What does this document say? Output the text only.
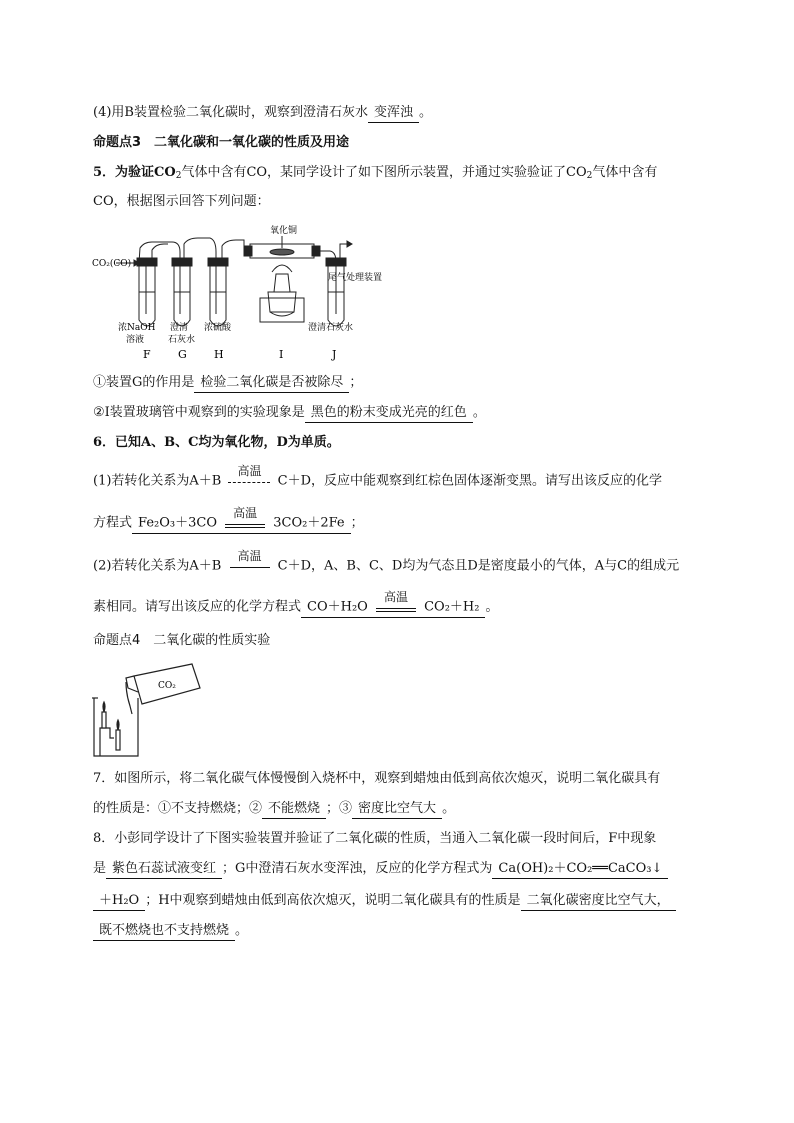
(4)用B装置检验二氧化碳时，观察到澄清石灰水 变浑浊 。
命题点3　二氧化碳和一氧化碳的性质及用途
5．为验证$CO_2$气体中含有CO，某同学设计了如下图所示装置，并通过实验验证了$CO_2$气体中含有
CO，根据图示回答下列问题：
CO₂(CO)
氧化铜
尾气处理装置
浓NaOH
溶液
澄清
石灰水
浓硫酸	澄清石灰水
F G H	I	J
①装置G的作用是 检验二氧化碳是否被除尽 ；
②I装置玻璃管中观察到的实验现象是 黑色的粉末变成光亮的红色 。
6．已知A、B、C均为氧化物，D为单质。
(1)若转化关系为A＋B
高温
C＋D，反应中能观察到红棕色固体逐渐变黑。请写出该反应的化学
方程式 Fe₂O₃＋3CO
高温
3CO₂＋2Fe ；
(2)若转化关系为A＋B
高温
C＋D，A、B、C、D均为气态且D是密度最小的气体，A与C的组成元
素相同。请写出该反应的化学方程式 CO＋H₂O
高温
CO₂＋H₂ 。
命题点4　二氧化碳的性质实验
CO₂
7．如图所示，将二氧化碳气体慢慢倒入烧杯中，观察到蜡烛由低到高依次熄灭，说明二氧化碳具有
的性质是：①不支持燃烧；② 不能燃烧 ；③ 密度比空气大 。
8．小彭同学设计了下图实验装置并验证了二氧化碳的性质，当通入二氧化碳一段时间后，F中现象
是 紫色石蕊试液变红 ；G中澄清石灰水变浑浊，反应的化学方程式为 Ca(OH)₂＋CO₂══CaCO₃↓
＋H₂O ；H中观察到蜡烛由低到高依次熄灭，说明二氧化碳具有的性质是 二氧化碳密度比空气大，
既不燃烧也不支持燃烧 。
